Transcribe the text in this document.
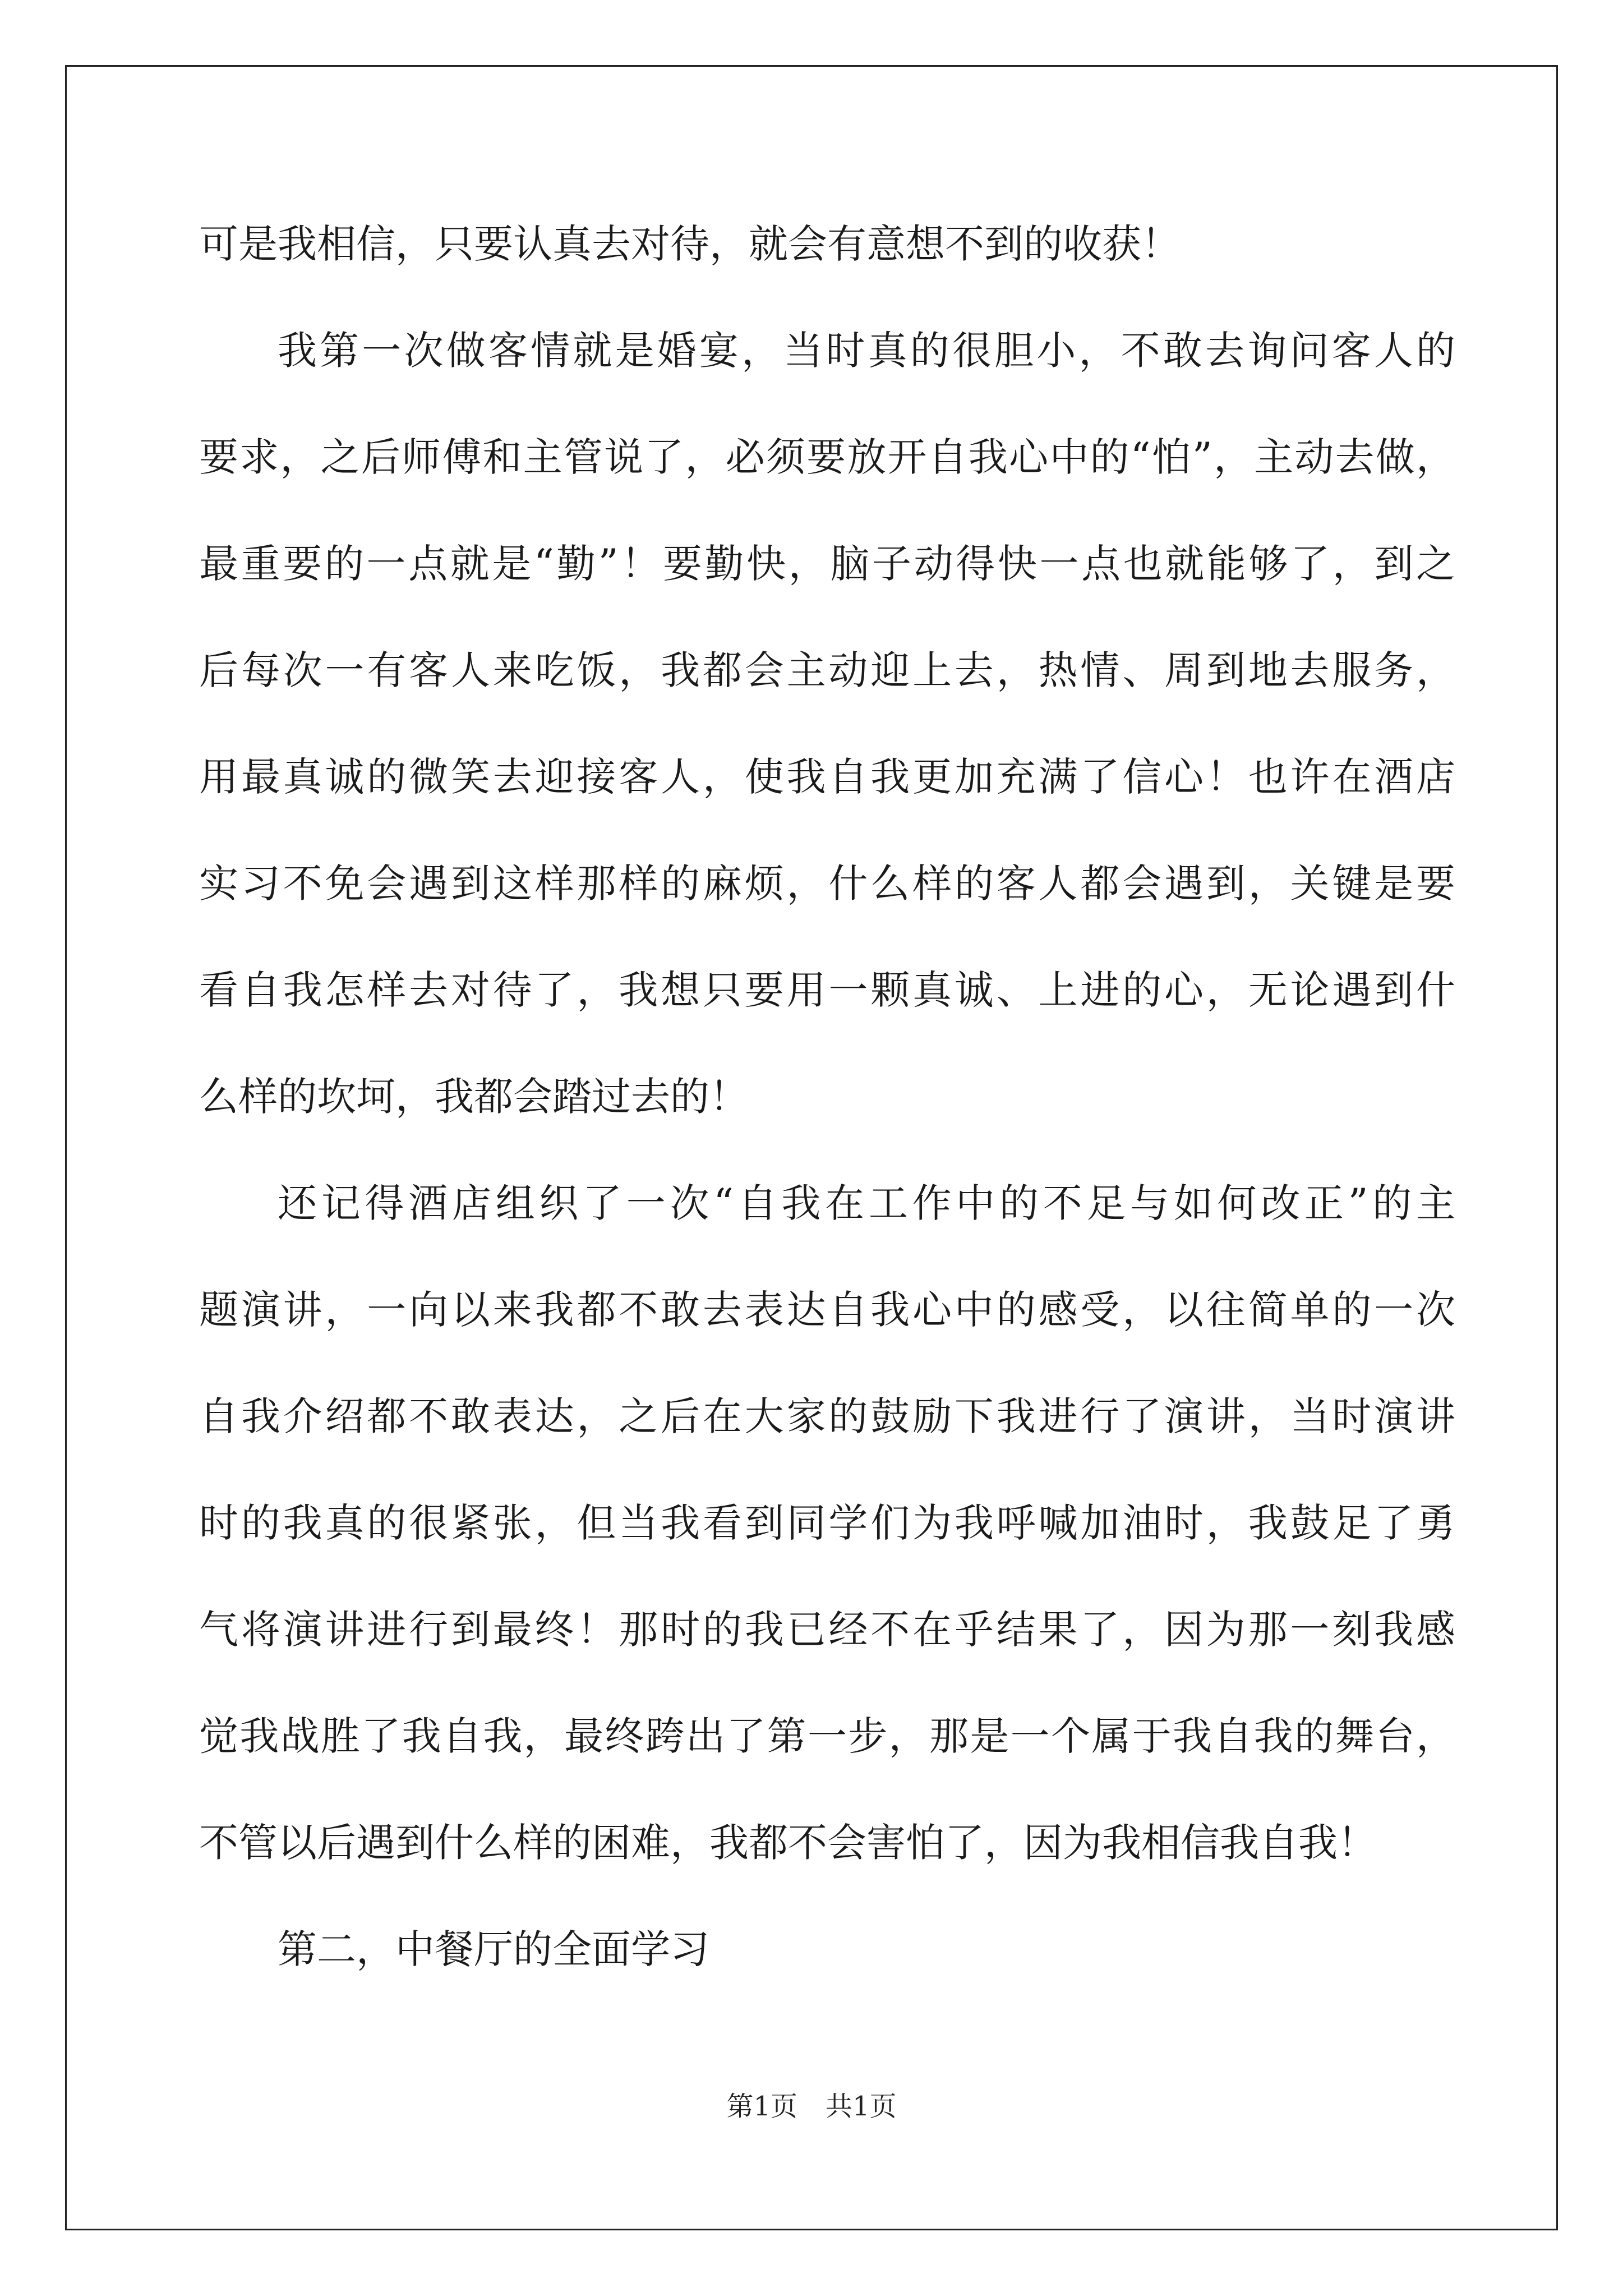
可是我相信，只要认真去对待，就会有意想不到的收获！
我第一次做客情就是婚宴，当时真的很胆小，不敢去询问客人的
要求，之后师傅和主管说了，必须要放开自我心中的“怕”，主动去做，
最重要的一点就是“勤”！要勤快，脑子动得快一点也就能够了，到之
后每次一有客人来吃饭，我都会主动迎上去，热情、周到地去服务，
用最真诚的微笑去迎接客人，使我自我更加充满了信心！也许在酒店
实习不免会遇到这样那样的麻烦，什么样的客人都会遇到，关键是要
看自我怎样去对待了，我想只要用一颗真诚、上进的心，无论遇到什
么样的坎坷，我都会踏过去的！
还记得酒店组织了一次“自我在工作中的不足与如何改正”的主
题演讲，一向以来我都不敢去表达自我心中的感受，以往简单的一次
自我介绍都不敢表达，之后在大家的鼓励下我进行了演讲，当时演讲
时的我真的很紧张，但当我看到同学们为我呼喊加油时，我鼓足了勇
气将演讲进行到最终！那时的我已经不在乎结果了，因为那一刻我感
觉我战胜了我自我，最终跨出了第一步，那是一个属于我自我的舞台，
不管以后遇到什么样的困难，我都不会害怕了，因为我相信我自我！
第二，中餐厅的全面学习
第1页 共1页
